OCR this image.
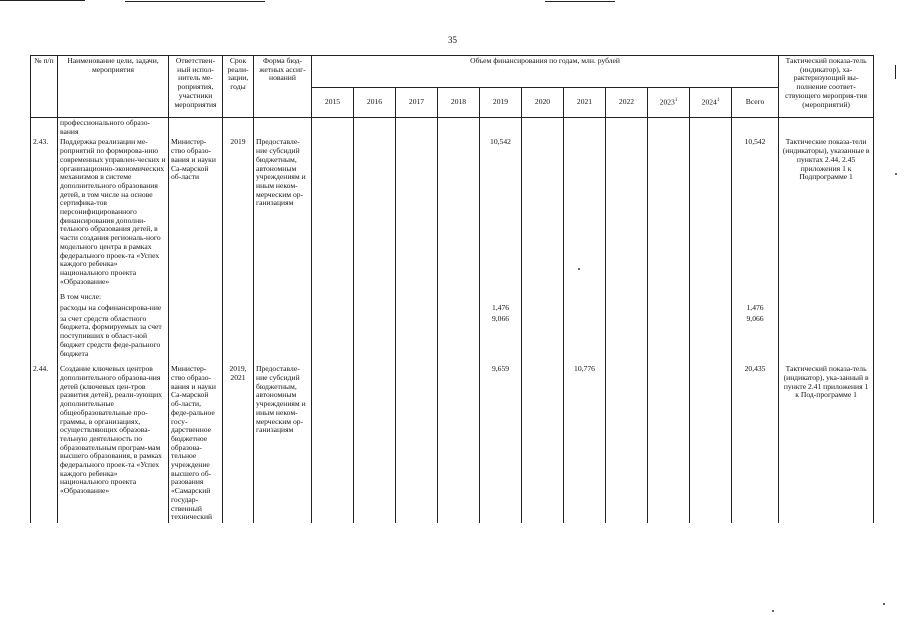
35
№ п/п	Наименование цели, задачи, мероприятия	Ответствен-ный испол-нитель ме-роприятия, участники мероприятия	Срок реали-зации, годы	Форма бюд-жетных ассиг-нований	Объем финансирования по годам, млн. рублей											Тактический показа-тель (индикатор), ха-рактеризующий вы-полнение соответ-ствующего мероприя-тия (мероприятий)
					2015	2016	2017	2018	2019	2020	2021	2022	2023$^1$	2024$^1$	Всего	
	профессионального образо-вания															
2.43.	Поддержка реализации ме-роприятий по формирова-нию современных управлен-ческих и организационно-экономических механизмов в системе дополнительного образования детей, в том числе на основе сертифика-тов персонифицированного финансирования дополни-тельного образования детей, в части создания региональ-ного модельного центра в рамках федерального проек-та «Успех каждого ребенка» национального проекта «Образование»	Министер-ство образо-вания и науки Са-марской об-ласти	2019	Предоставле-ние субсидий бюджетным, автономным учреждениям и иным неком-мерческим ор-ганизациям					10,542						10,542	Тактические показа-тели (индикаторы), указанные в пунктах 2.44, 2.45 приложения 1 к Подпрограмме 1
	В том числе:															
	расходы на софинансирова-ние								1,476						1,476	
	за счет средств областного бюджета, формируемых за счет поступивших в област-ной бюджет средств феде-рального бюджета								9,066						9,066	
2.44.	Создание ключевых центров дополнительного образова-ния детей (ключевых цен-тров развития детей), реали-зующих дополнительные общеобразовательные про-граммы, в организациях, осуществляющих образова-тельную деятельность по образовательным програм-мам высшего образования, в рамках федерального проек-та «Успех каждого ребенка» национального проекта «Образование»	Министер-ство образо-вания и науки Са-марской об-ласти, феде-ральное госу-дарственное бюджетное образова-тельное учреждение высшего об-разования «Самарский государ-ственный технический	2019, 2021	Предоставле-ние субсидий бюджетным, автономным учреждениям и иным неком-мерческим ор-ганизациям					9,659		10,776				20,435	Тактический показа-тель (индикатор), ука-занный в пункте 2.41 приложения 1 к Под-программе 1
